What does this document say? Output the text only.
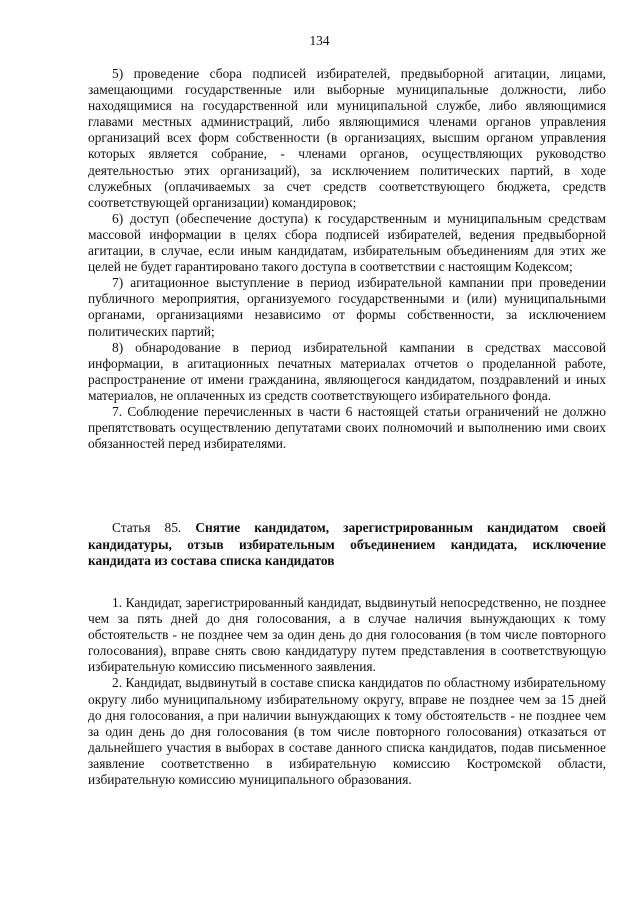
134

5) проведение сбора подписей избирателей, предвыборной агитации, лицами, замещающими государственные или выборные муниципальные должности, либо находящимися на государственной или муниципальной службе, либо являющимися главами местных администраций, либо являющимися членами органов управления организаций всех форм собственности (в организациях, высшим органом управления которых является собрание, - членами органов, осуществляющих руководство деятельностью этих организаций), за исключением политических партий, в ходе служебных (оплачиваемых за счет средств соответствующего бюджета, средств соответствующей организации) командировок;

6) доступ (обеспечение доступа) к государственным и муниципальным средствам массовой информации в целях сбора подписей избирателей, ведения предвыборной агитации, в случае, если иным кандидатам, избирательным объединениям для этих же целей не будет гарантировано такого доступа в соответствии с настоящим Кодексом;

7) агитационное выступление в период избирательной кампании при проведении публичного мероприятия, организуемого государственными и (или) муниципальными органами, организациями независимо от формы собственности, за исключением политических партий;

8) обнародование в период избирательной кампании в средствах массовой информации, в агитационных печатных материалах отчетов о проделанной работе, распространение от имени гражданина, являющегося кандидатом, поздравлений и иных материалов, не оплаченных из средств соответствующего избирательного фонда.

7. Соблюдение перечисленных в части 6 настоящей статьи ограничений не должно препятствовать осуществлению депутатами своих полномочий и выполнению ими своих обязанностей перед избирателями.

Статья 85. Снятие кандидатом, зарегистрированным кандидатом своей кандидатуры, отзыв избирательным объединением кандидата, исключение кандидата из состава списка кандидатов

1. Кандидат, зарегистрированный кандидат, выдвинутый непосредственно, не позднее чем за пять дней до дня голосования, а в случае наличия вынуждающих к тому обстоятельств - не позднее чем за один день до дня голосования (в том числе повторного голосования), вправе снять свою кандидатуру путем представления в соответствующую избирательную комиссию письменного заявления.

2. Кандидат, выдвинутый в составе списка кандидатов по областному избирательному округу либо муниципальному избирательному округу, вправе не позднее чем за 15 дней до дня голосования, а при наличии вынуждающих к тому обстоятельств - не позднее чем за один день до дня голосования (в том числе повторного голосования) отказаться от дальнейшего участия в выборах в составе данного списка кандидатов, подав письменное заявление соответственно в избирательную комиссию Костромской области, избирательную комиссию муниципального образования.
